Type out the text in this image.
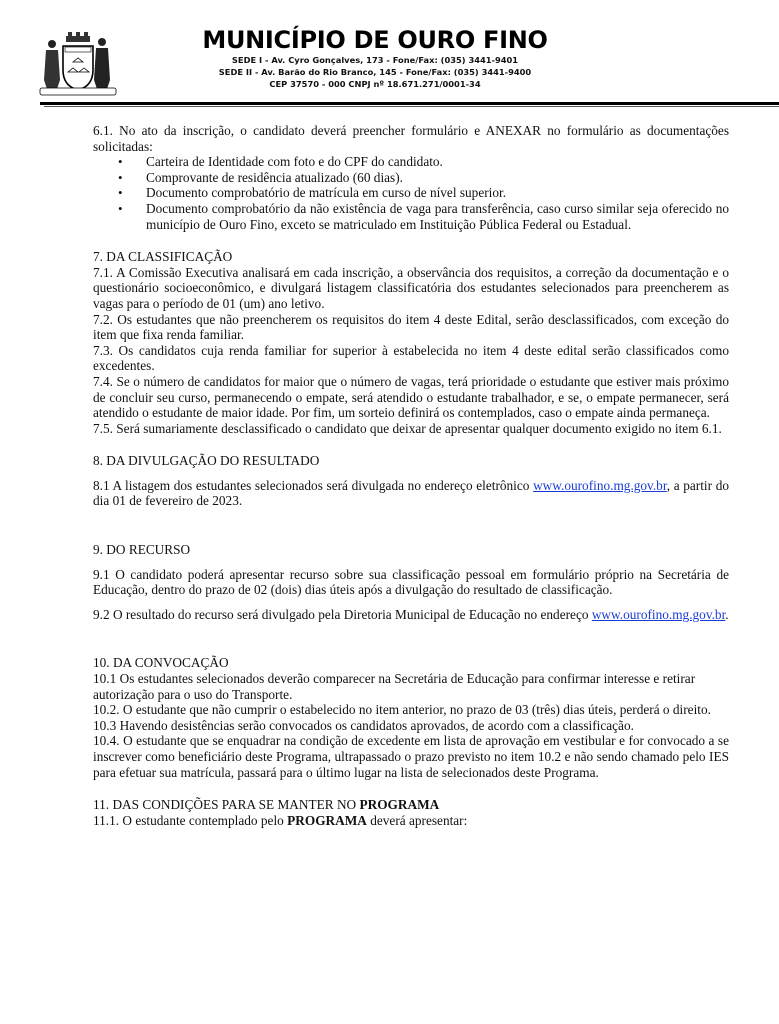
MUNICÍPIO DE OURO FINO
SEDE I - Av. Cyro Gonçalves, 173 - Fone/Fax: (035) 3441-9401
SEDE II - Av. Barão do Rio Branco, 145 - Fone/Fax: (035) 3441-9400
CEP 37570 - 000 CNPJ nº 18.671.271/0001-34

6.1. No ato da inscrição, o candidato deverá preencher formulário e ANEXAR no formulário as documentações solicitadas:

• Carteira de Identidade com foto e do CPF do candidato.
• Comprovante de residência atualizado (60 dias).
• Documento comprobatório de matrícula em curso de nível superior.
• Documento comprobatório da não existência de vaga para transferência, caso curso similar seja oferecido no município de Ouro Fino, exceto se matriculado em Instituição Pública Federal ou Estadual.

7. DA CLASSIFICAÇÃO

7.1. A Comissão Executiva analisará em cada inscrição, a observância dos requisitos, a correção da documentação e o questionário socioeconômico, e divulgará listagem classificatória dos estudantes selecionados para preencherem as vagas para o período de 01 (um) ano letivo.

7.2. Os estudantes que não preencherem os requisitos do item 4 deste Edital, serão desclassificados, com exceção do item que fixa renda familiar.

7.3. Os candidatos cuja renda familiar for superior à estabelecida no item 4 deste edital serão classificados como excedentes.

7.4. Se o número de candidatos for maior que o número de vagas, terá prioridade o estudante que estiver mais próximo de concluir seu curso, permanecendo o empate, será atendido o estudante trabalhador, e se, o empate permanecer, será atendido o estudante de maior idade. Por fim, um sorteio definirá os contemplados, caso o empate ainda permaneça.

7.5. Será sumariamente desclassificado o candidato que deixar de apresentar qualquer documento exigido no item 6.1.

8. DA DIVULGAÇÃO DO RESULTADO

8.1 A listagem dos estudantes selecionados será divulgada no endereço eletrônico www.ourofino.mg.gov.br, a partir do dia 01 de fevereiro de 2023.

9. DO RECURSO

9.1 O candidato poderá apresentar recurso sobre sua classificação pessoal em formulário próprio na Secretária de Educação, dentro do prazo de 02 (dois) dias úteis após a divulgação do resultado de classificação.

9.2 O resultado do recurso será divulgado pela Diretoria Municipal de Educação no endereço www.ourofino.mg.gov.br.

10. DA CONVOCAÇÃO

10.1 Os estudantes selecionados deverão comparecer na Secretária de Educação para confirmar interesse e retirar autorização para o uso do Transporte.

10.2. O estudante que não cumprir o estabelecido no item anterior, no prazo de 03 (três) dias úteis, perderá o direito.

10.3 Havendo desistências serão convocados os candidatos aprovados, de acordo com a classificação.

10.4. O estudante que se enquadrar na condição de excedente em lista de aprovação em vestibular e for convocado a se inscrever como beneficiário deste Programa, ultrapassado o prazo previsto no item 10.2 e não sendo chamado pelo IES para efetuar sua matrícula, passará para o último lugar na lista de selecionados deste Programa.

11. DAS CONDIÇÕES PARA SE MANTER NO PROGRAMA

11.1. O estudante contemplado pelo PROGRAMA deverá apresentar:
